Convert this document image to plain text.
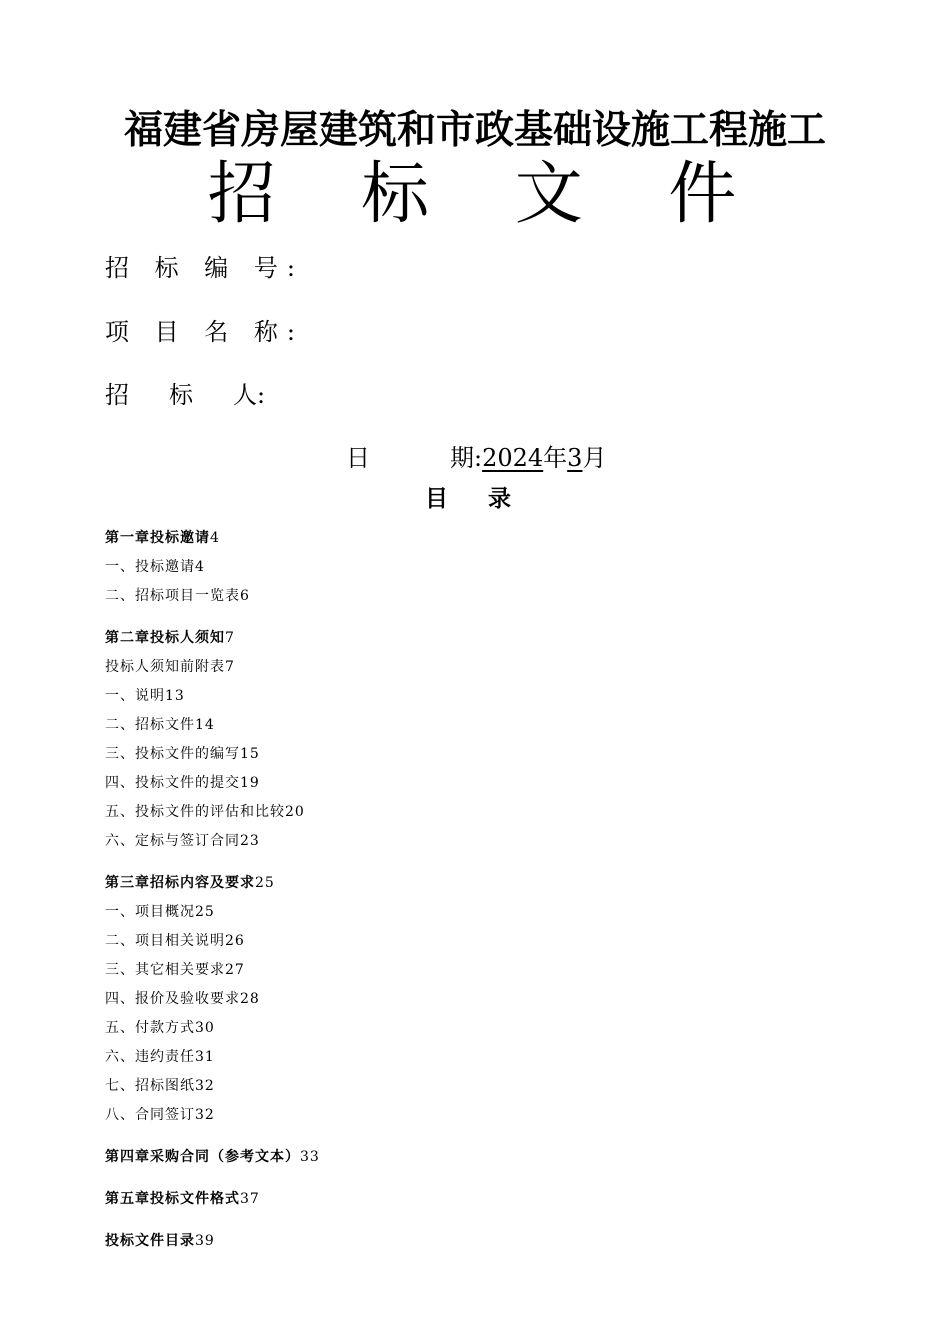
福建省房屋建筑和市政基础设施工程施工
招 标 文 件
招 标 编 号:
项 目 名 称:
招 标 人:
日	期:2024年3月
目录
第一章投标邀请4
一、投标邀请4
二、招标项目一览表6
第二章投标人须知7
投标人须知前附表7
一、说明13
二、招标文件14
三、投标文件的编写15
四、投标文件的提交19
五、投标文件的评估和比较20
六、定标与签订合同23
第三章招标内容及要求25
一、项目概况25
二、项目相关说明26
三、其它相关要求27
四、报价及验收要求28
五、付款方式30
六、违约责任31
七、招标图纸32
八、合同签订32
第四章采购合同（参考文本）33
第五章投标文件格式37
投标文件目录39
